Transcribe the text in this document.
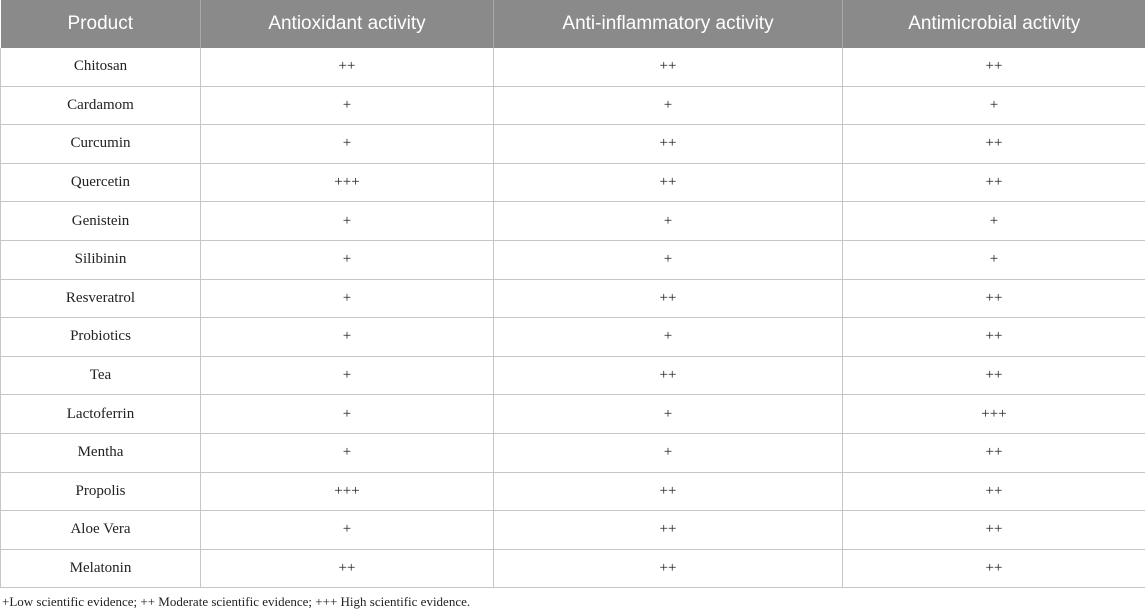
Product	Antioxidant activity	Anti-inflammatory activity	Antimicrobial activity
Chitosan	++	++	++
Cardamom	+	+	+
Curcumin	+	++	++
Quercetin	+++	++	++
Genistein	+	+	+
Silibinin	+	+	+
Resveratrol	+	++	++
Probiotics	+	+	++
Tea	+	++	++
Lactoferrin	+	+	+++
Mentha	+	+	++
Propolis	+++	++	++
Aloe Vera	+	++	++
Melatonin	++	++	++
+Low scientific evidence; ++ Moderate scientific evidence; +++ High scientific evidence.
